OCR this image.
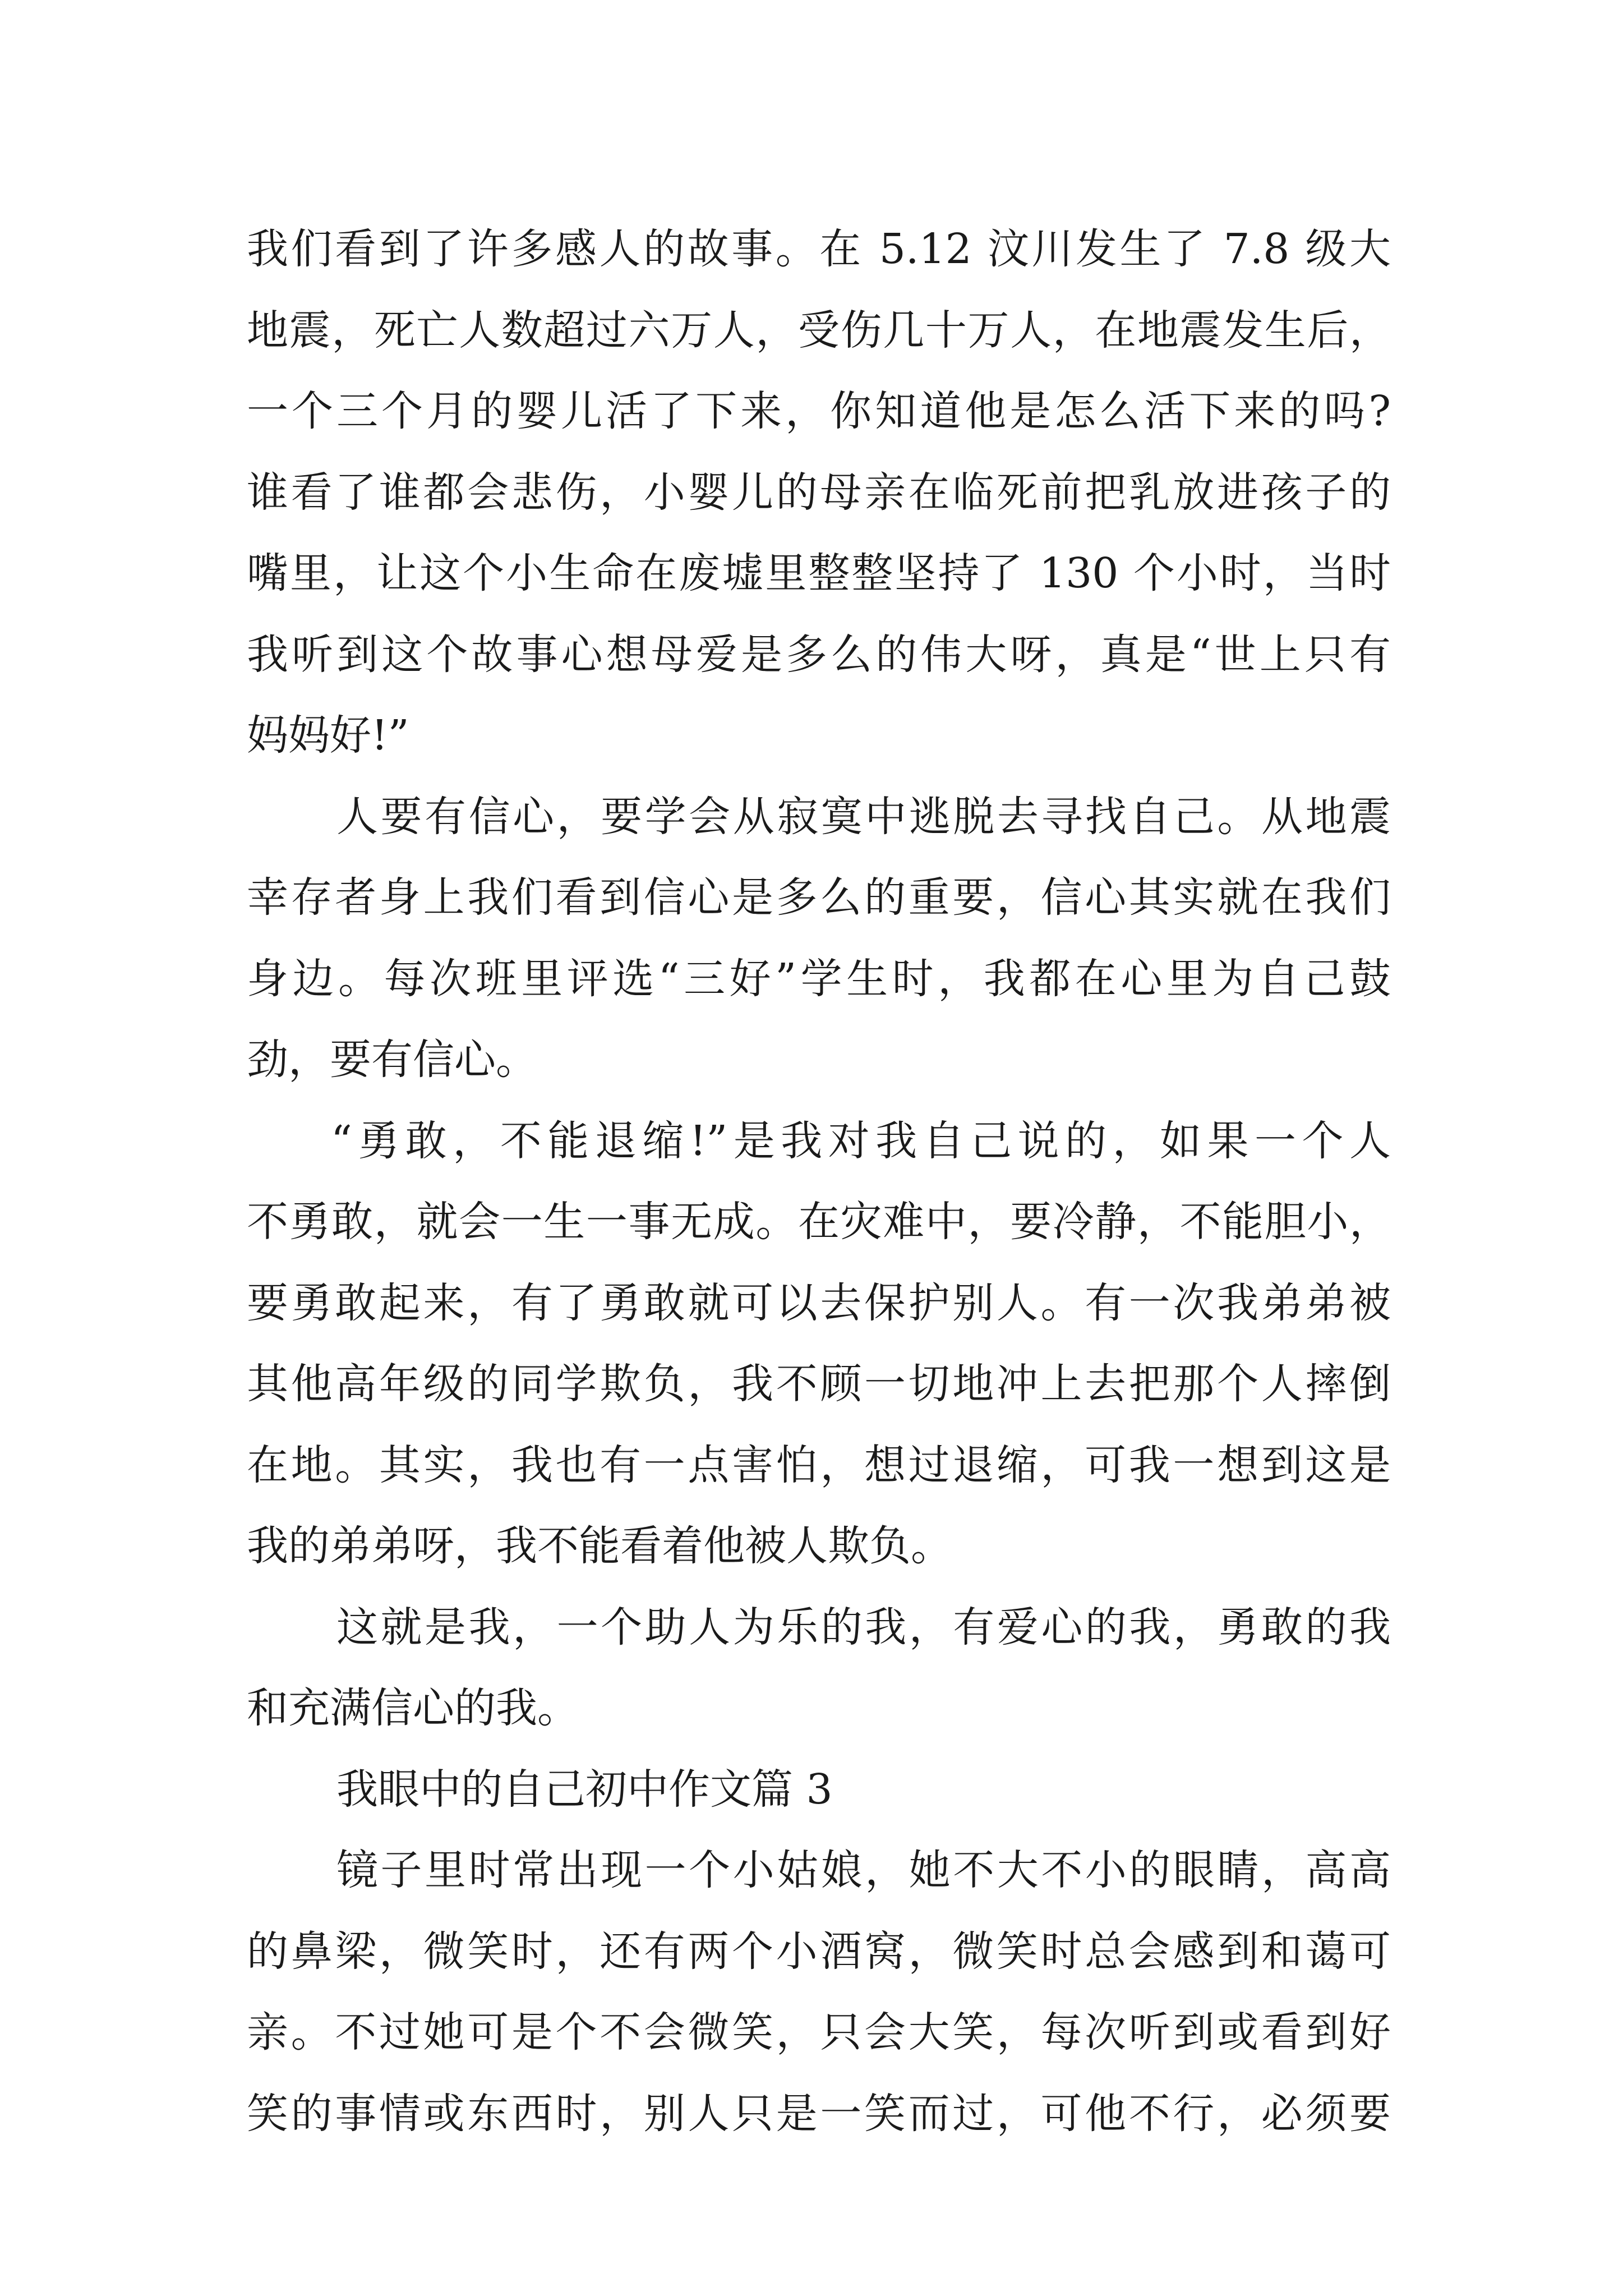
我们看到了许多感人的故事。在 5.12 汶川发生了 7.8 级大
地震，死亡人数超过六万人，受伤几十万人，在地震发生后，
一个三个月的婴儿活了下来，你知道他是怎么活下来的吗?
谁看了谁都会悲伤，小婴儿的母亲在临死前把乳放进孩子的
嘴里，让这个小生命在废墟里整整坚持了 130 个小时，当时
我听到这个故事心想母爱是多么的伟大呀，真是“世上只有
妈妈好!”
人要有信心，要学会从寂寞中逃脱去寻找自己。从地震
幸存者身上我们看到信心是多么的重要，信心其实就在我们
身边。每次班里评选“三好”学生时，我都在心里为自己鼓
劲，要有信心。
“勇敢，不能退缩!”是我对我自己说的，如果一个人
不勇敢，就会一生一事无成。在灾难中，要冷静，不能胆小，
要勇敢起来，有了勇敢就可以去保护别人。有一次我弟弟被
其他高年级的同学欺负，我不顾一切地冲上去把那个人摔倒
在地。其实，我也有一点害怕，想过退缩，可我一想到这是
我的弟弟呀，我不能看着他被人欺负。
这就是我，一个助人为乐的我，有爱心的我，勇敢的我
和充满信心的我。
我眼中的自己初中作文篇 3
镜子里时常出现一个小姑娘，她不大不小的眼睛，高高
的鼻梁，微笑时，还有两个小酒窝，微笑时总会感到和蔼可
亲。不过她可是个不会微笑，只会大笑，每次听到或看到好
笑的事情或东西时，别人只是一笑而过，可他不行，必须要
